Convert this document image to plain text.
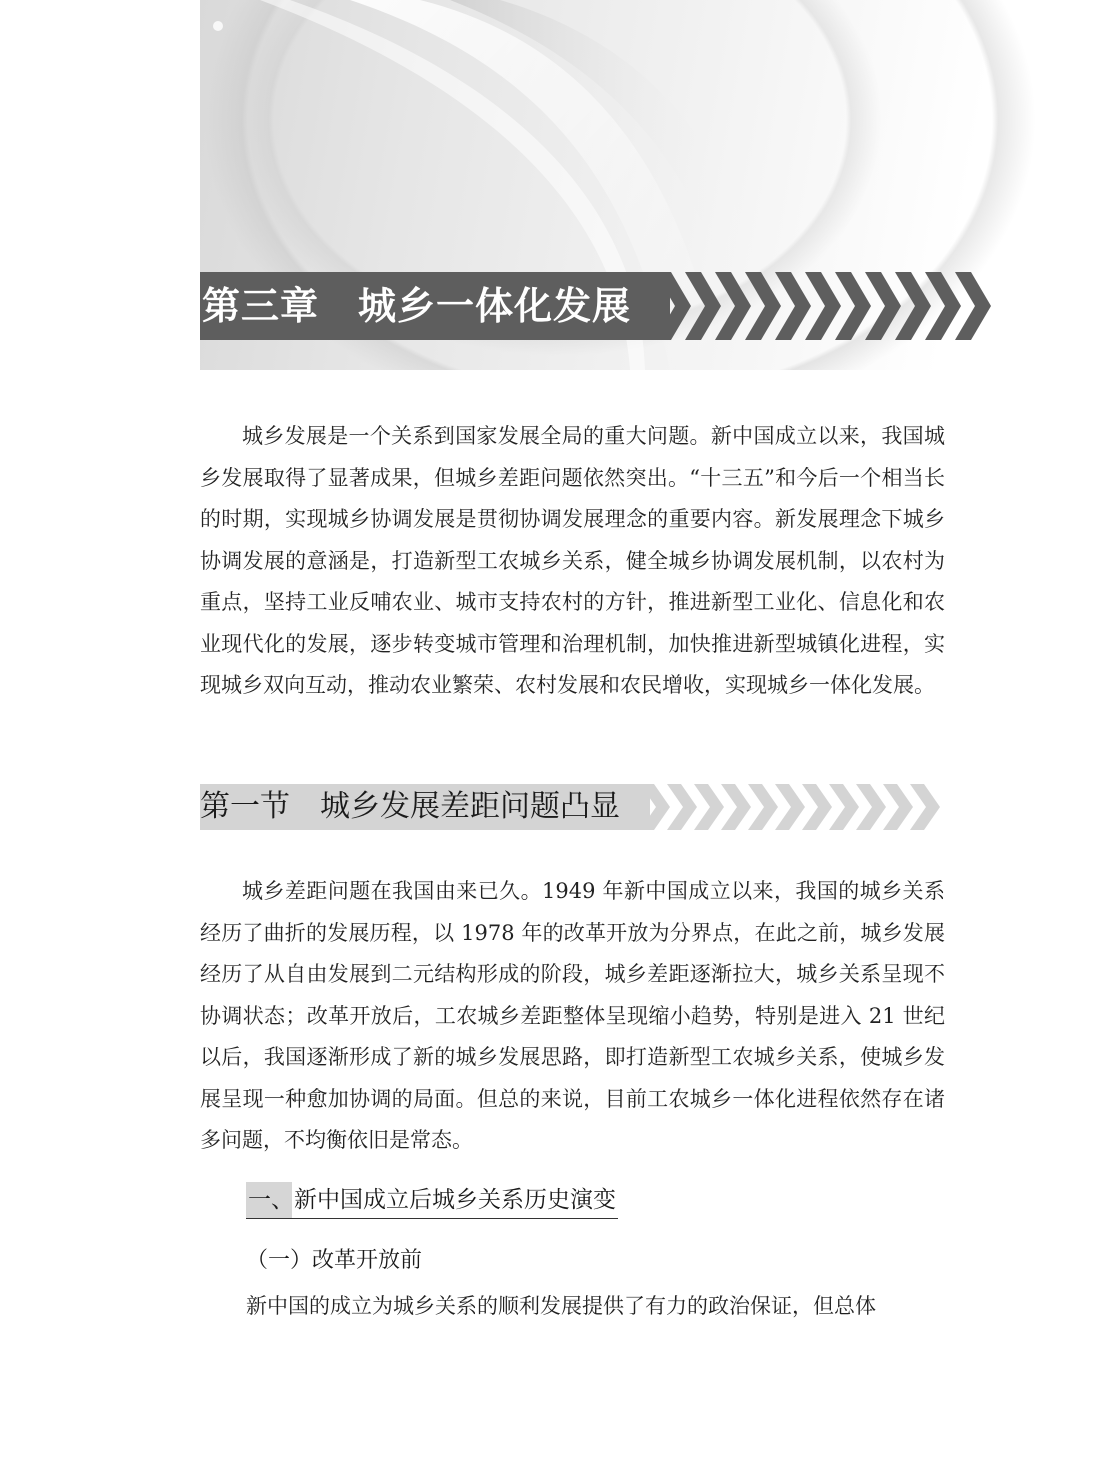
第三章　城乡一体化发展

城乡发展是一个关系到国家发展全局的重大问题。新中国成立以来，我国城乡发展取得了显著成果，但城乡差距问题依然突出。“十三五”和今后一个相当长的时期，实现城乡协调发展是贯彻协调发展理念的重要内容。新发展理念下城乡协调发展的意涵是，打造新型工农城乡关系，健全城乡协调发展机制，以农村为重点，坚持工业反哺农业、城市支持农村的方针，推进新型工业化、信息化和农业现代化的发展，逐步转变城市管理和治理机制，加快推进新型城镇化进程，实现城乡双向互动，推动农业繁荣、农村发展和农民增收，实现城乡一体化发展。

第一节　城乡发展差距问题凸显

城乡差距问题在我国由来已久。1949 年新中国成立以来，我国的城乡关系经历了曲折的发展历程，以 1978 年的改革开放为分界点，在此之前，城乡发展经历了从自由发展到二元结构形成的阶段，城乡差距逐渐拉大，城乡关系呈现不协调状态；改革开放后，工农城乡差距整体呈现缩小趋势，特别是进入 21 世纪以后，我国逐渐形成了新的城乡发展思路，即打造新型工农城乡关系，使城乡发展呈现一种愈加协调的局面。但总的来说，目前工农城乡一体化进程依然存在诸多问题，不均衡依旧是常态。

一、新中国成立后城乡关系历史演变
（一）改革开放前

新中国的成立为城乡关系的顺利发展提供了有力的政治保证，但总体
